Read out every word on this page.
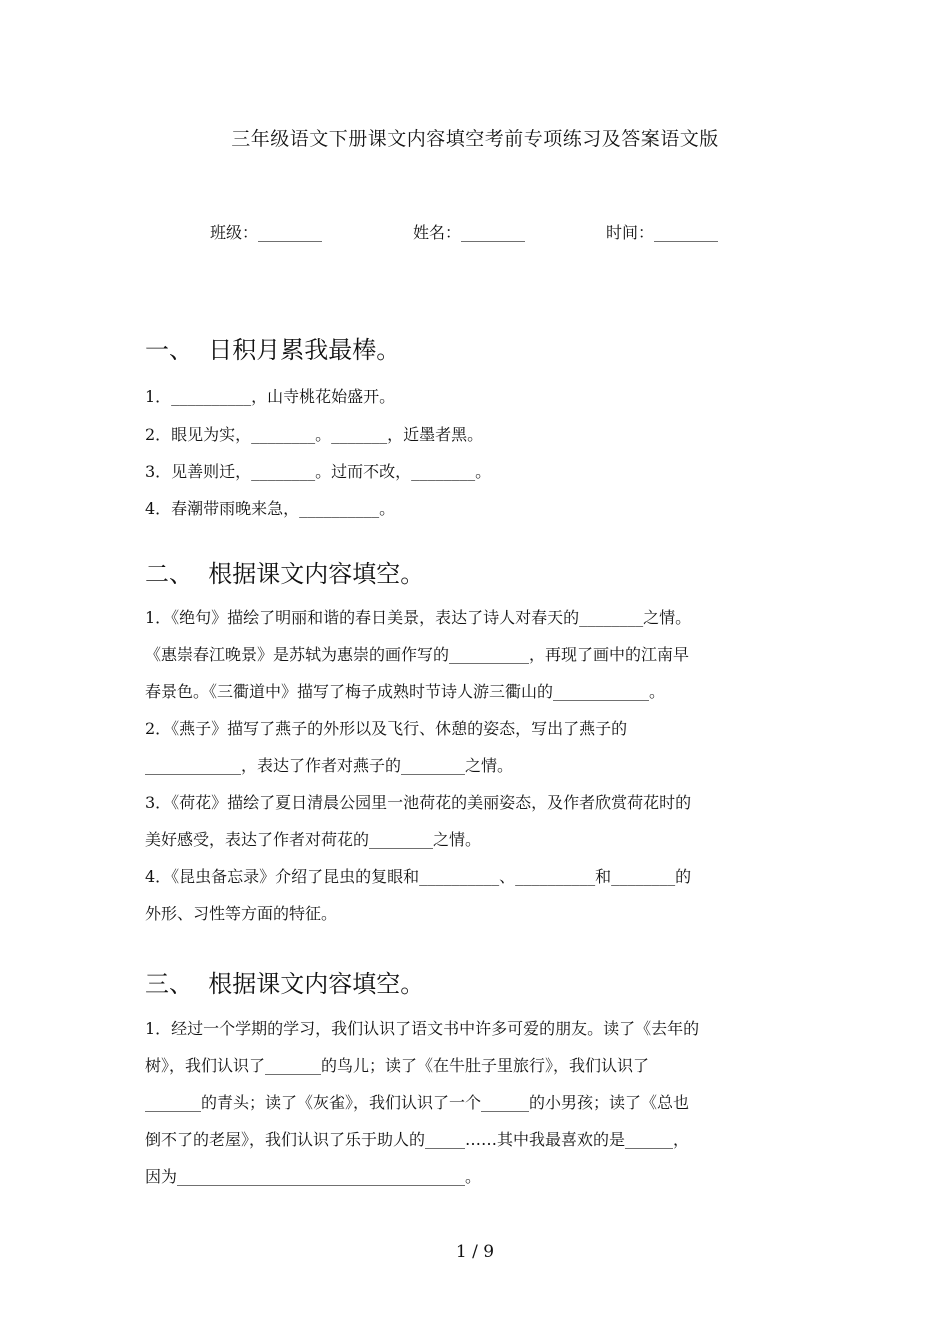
三年级语文下册课文内容填空考前专项练习及答案语文版
班级：________	姓名：________	时间：________
一、  日积月累我最棒。
1．__________，山寺桃花始盛开。
2．眼见为实，________。_______，近墨者黑。
3．见善则迁，________。过而不改，________。
4．春潮带雨晚来急，__________。
二、  根据课文内容填空。
1．《绝句》描绘了明丽和谐的春日美景，表达了诗人对春天的________之情。
《惠崇春江晚景》是苏轼为惠崇的画作写的__________，再现了画中的江南早
春景色。《三衢道中》描写了梅子成熟时节诗人游三衢山的____________。
2．《燕子》描写了燕子的外形以及飞行、休憩的姿态，写出了燕子的
____________，表达了作者对燕子的________之情。
3．《荷花》描绘了夏日清晨公园里一池荷花的美丽姿态，及作者欣赏荷花时的
美好感受，表达了作者对荷花的________之情。
4．《昆虫备忘录》介绍了昆虫的复眼和__________、__________和________的
外形、习性等方面的特征。
三、  根据课文内容填空。
1．经过一个学期的学习，我们认识了语文书中许多可爱的朋友。读了《去年的
树》，我们认识了_______的鸟儿；读了《在牛肚子里旅行》，我们认识了
_______的青头；读了《灰雀》，我们认识了一个______的小男孩；读了《总也
倒不了的老屋》，我们认识了乐于助人的_____……其中我最喜欢的是______，
因为____________________________________。
1 / 9
